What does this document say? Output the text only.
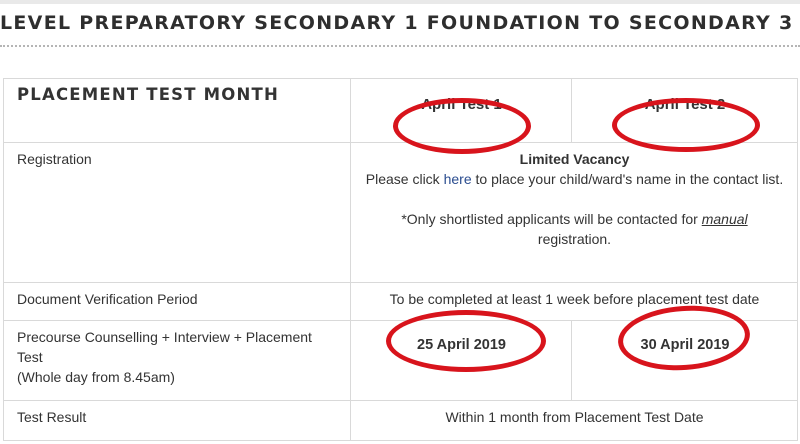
LEVEL PREPARATORY SECONDARY 1 FOUNDATION TO SECONDARY 3
PLACEMENT TEST MONTH	April Test 1	April Test 2
Registration	Limited Vacancy
Please click here to place your child/ward's name in the contact list.
*Only shortlisted applicants will be contacted for manual registration.	

Document Verification Period	To be completed at least 1 week before placement test date	

Precourse Counselling + Interview + Placement Test
(Whole day from 8.45am)	25 April 2019	30 April 2019
Test Result	Within 1 month from Placement Test Date	
